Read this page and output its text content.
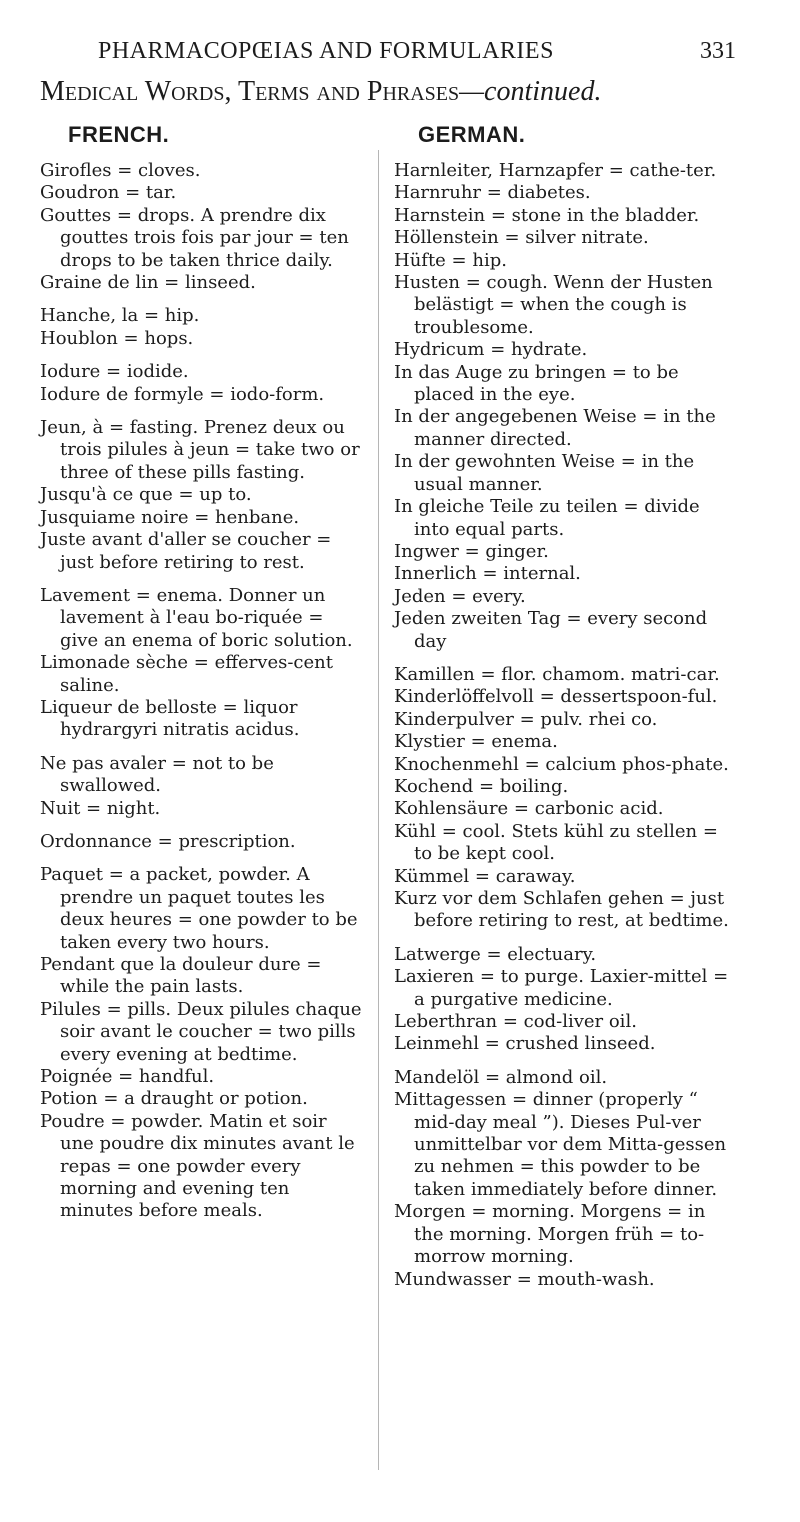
PHARMACOPŒIAS AND FORMULARIES	331
Medical Words, Terms and Phrases—continued.
FRENCH.	GERMAN.
Girofles = cloves.
Goudron = tar.
Gouttes = drops. A prendre dix gouttes trois fois par jour = ten drops to be taken thrice daily.
Graine de lin = linseed.
Hanche, la = hip.
Houblon = hops.
Iodure = iodide.
Iodure de formyle = iodo-form.
Jeun, à = fasting. Prenez deux ou trois pilules à jeun = take two or three of these pills fasting.
Jusqu'à ce que = up to.
Jusquiame noire = henbane.
Juste avant d'aller se coucher = just before retiring to rest.
Lavement = enema. Donner un lavement à l'eau bo-riquée = give an enema of boric solution.
Limonade sèche = efferves-cent saline.
Liqueur de belloste = liquor hydrargyri nitratis acidus.
Ne pas avaler = not to be swallowed.
Nuit = night.
Ordonnance = prescription.
Paquet = a packet, powder. A prendre un paquet toutes les deux heures = one powder to be taken every two hours.
Pendant que la douleur dure = while the pain lasts.
Pilules = pills. Deux pilules chaque soir avant le coucher = two pills every evening at bedtime.
Poignée = handful.
Potion = a draught or potion.
Poudre = powder. Matin et soir une poudre dix minutes avant le repas = one powder every morning and evening ten minutes before meals.
Harnleiter, Harnzapfer = cathe-ter.
Harnruhr = diabetes.
Harnstein = stone in the bladder.
Höllenstein = silver nitrate.
Hüfte = hip.
Husten = cough. Wenn der Husten belästigt = when the cough is troublesome.
Hydricum = hydrate.
In das Auge zu bringen = to be placed in the eye.
In der angegebenen Weise = in the manner directed.
In der gewohnten Weise = in the usual manner.
In gleiche Teile zu teilen = divide into equal parts.
Ingwer = ginger.
Innerlich = internal.
Jeden = every.
Jeden zweiten Tag = every second day
Kamillen = flor. chamom. matri-car.
Kinderlöffelvoll = dessertspoon-ful.
Kinderpulver = pulv. rhei co.
Klystier = enema.
Knochenmehl = calcium phos-phate.
Kochend = boiling.
Kohlensäure = carbonic acid.
Kühl = cool. Stets kühl zu stellen = to be kept cool.
Kümmel = caraway.
Kurz vor dem Schlafen gehen = just before retiring to rest, at bedtime.
Latwerge = electuary.
Laxieren = to purge. Laxier-mittel = a purgative medicine.
Leberthran = cod-liver oil.
Leinmehl = crushed linseed.
Mandelöl = almond oil.
Mittagessen = dinner (properly “ mid-day meal ”). Dieses Pul-ver unmittelbar vor dem Mitta-gessen zu nehmen = this powder to be taken immediately before dinner.
Morgen = morning. Morgens = in the morning. Morgen früh = to-morrow morning.
Mundwasser = mouth-wash.
